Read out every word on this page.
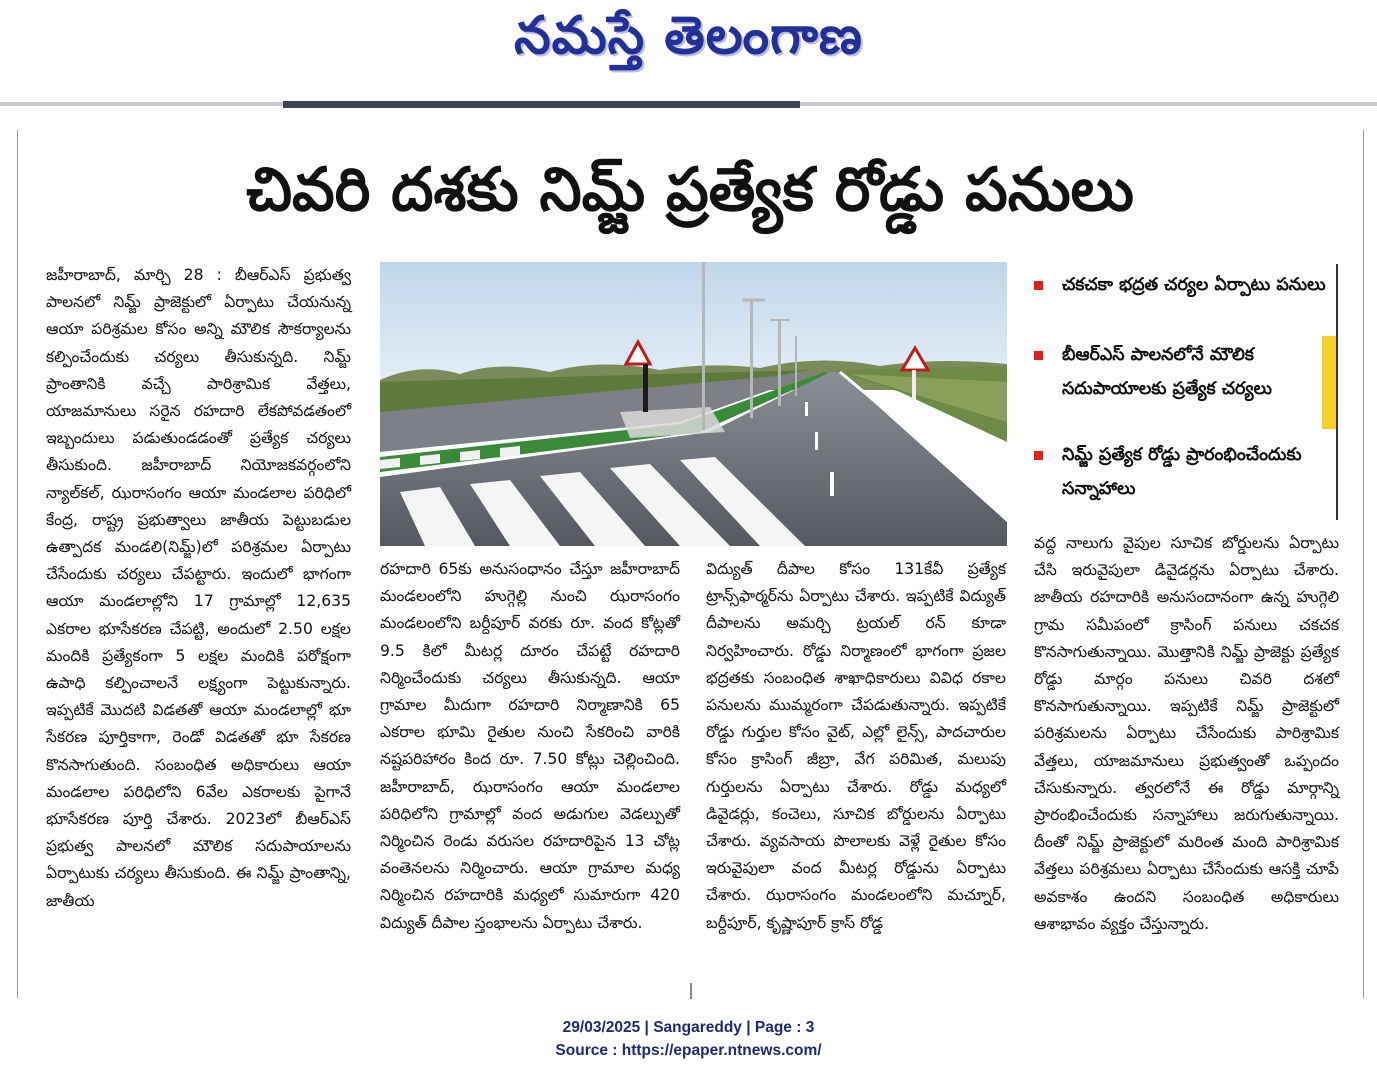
నమస్తే తెలంగాణ
చివరి దశకు నిమ్జ్ ప్రత్యేక రోడ్డు పనులు

జహీరాబాద్, మార్చి 28 : బీఆర్ఎస్ ప్రభుత్వ పాలనలో నిమ్జ్ ప్రాజెక్టులో ఏర్పాటు చేయనున్న ఆయా పరిశ్రమల కోసం అన్ని మౌలిక సౌకర్యాలను కల్పించేందుకు చర్యలు తీసుకున్నది. నిమ్జ్ ప్రాంతానికి వచ్చే పారిశ్రామిక వేత్తలు, యాజమానులు సరైన రహదారి లేకపోవడతంలో ఇబ్బందులు పడుతుండడంతో ప్రత్యేక చర్యలు తీసుకుంది. జహీరాబాద్ నియోజకవర్గంలోని న్యాల్‌కల్, ఝరాసంగం ఆయా మండలాల పరిధిలో కేంద్ర, రాష్ట్ర ప్రభుత్వాలు జాతీయ పెట్టుబడుల ఉత్పాదక మండలి(నిమ్జ్)లో పరిశ్రమల ఏర్పాటు చేసేందుకు చర్యలు చేపట్టారు. ఇందులో భాగంగా ఆయా మండలాల్లోని 17 గ్రామాల్లో 12,635 ఎకరాల భూసేకరణ చేపట్టి, అందులో 2.50 లక్షల మందికి ప్రత్యేకంగా 5 లక్షల మందికి పరోక్షంగా ఉపాధి కల్పించాలనే లక్ష్యంగా పెట్టుకున్నారు. ఇప్పటికే మొదటి విడతతో ఆయా మండలాల్లో భూ సేకరణ పూర్తికాగా, రెండో విడతతో భూ సేకరణ కొనసాగుతుంది. సంబంధిత అధికారులు ఆయా మండలాల పరిధిలోని 6వేల ఎకరాలకు పైగానే భూసేకరణ పూర్తి చేశారు. 2023లో బీఆర్ఎస్ ప్రభుత్వ పాలనలో మౌలిక సదుపాయాలను ఏర్పాటుకు చర్యలు తీసుకుంది. ఈ నిమ్జ్ ప్రాంతాన్ని, జాతీయ

చకచకా భద్రత చర్యల ఏర్పాటు పనులు
బీఆర్ఎస్ పాలనలోనే మౌలిక సదుపాయాలకు ప్రత్యేక చర్యలు
నిమ్జ్ ప్రత్యేక రోడ్డు ప్రారంభించేందుకు సన్నాహాలు

రహదారి 65కు అనుసంధానం చేస్తూ జహీరాబాద్ మండలంలోని హుగ్గెల్లి నుంచి ఝరాసంగం మండలంలోని బర్దీపూర్ వరకు రూ. వంద కోట్లతో 9.5 కిలో మీటర్ల దూరం చేపట్టే రహదారి నిర్మించేందుకు చర్యలు తీసుకున్నది. ఆయా గ్రామాల మీదుగా రహదారి నిర్మాణానికి 65 ఎకరాల భూమి రైతుల నుంచి సేకరించి వారికి నష్టపరిహారం కింద రూ. 7.50 కోట్లు చెల్లించింది. జహీరాబాద్, ఝరాసంగం ఆయా మండలాల పరిధిలోని గ్రామాల్లో వంద అడుగుల వెడల్పుతో నిర్మించిన రెండు వరుసల రహదారిపైన 13 చోట్ల వంతెనలను నిర్మించారు. ఆయా గ్రామాల మధ్య నిర్మించిన రహదారికి మధ్యలో సుమారుగా 420 విద్యుత్ దీపాల స్తంభాలను ఏర్పాటు చేశారు.

విద్యుత్ దీపాల కోసం 131కేవీ ప్రత్యేక ట్రాన్స్‌ఫార్మర్‌ను ఏర్పాటు చేశారు. ఇప్పటికే విద్యుత్ దీపాలను అమర్చి ట్రయల్ రన్ కూడా నిర్వహించారు. రోడ్డు నిర్మాణంలో భాగంగా ప్రజల భద్రతకు సంబంధిత శాఖాధికారులు వివిధ రకాల పనులను ముమ్మరంగా చేపడుతున్నారు. ఇప్పటికే రోడ్డు గుర్తుల కోసం వైట్, ఎల్లో లైన్స్, పాదచారుల కోసం క్రాసింగ్ జీబ్రా, వేగ పరిమిత, మలుపు గుర్తులను ఏర్పాటు చేశారు. రోడ్డు మధ్యలో డివైడర్లు, కంచెలు, సూచిక బోర్డులను ఏర్పాటు చేశారు. వ్యవసాయ పొలాలకు వెళ్లే రైతుల కోసం ఇరువైపులా వంద మీటర్ల రోడ్డును ఏర్పాటు చేశారు. ఝరాసంగం మండలంలోని మచ్నూర్, బర్దీపూర్, కృష్ణాపూర్ క్రాస్ రోడ్డ

వద్ద నాలుగు వైపుల సూచిక బోర్డులను ఏర్పాటు చేసి ఇరువైపులా డివైడర్లను ఏర్పాటు చేశారు. జాతీయ రహదారికి అనుసందానంగా ఉన్న హుగ్గెలి గ్రామ సమీపంలో క్రాసింగ్ పనులు చకచక కొనసాగుతున్నాయి. మొత్తానికి నిమ్జ్ ప్రాజెక్టు ప్రత్యేక రోడ్డు మార్గం పనులు చివరి దశలో కొనసాగుతున్నాయి. ఇప్పటికే నిమ్జ్ ప్రాజెక్టులో పరిశ్రమలను ఏర్పాటు చేసేందుకు పారిశ్రామిక వేత్తలు, యాజమానులు ప్రభుత్వంతో ఒప్పందం చేసుకున్నారు. త్వరలోనే ఈ రోడ్డు మార్గాన్ని ప్రారంభించేందుకు సన్నాహాలు జరుగుతున్నాయి. దీంతో నిమ్జ్ ప్రాజెక్టులో మరింత మంది పారిశ్రామిక వేత్తలు పరిశ్రమలు ఏర్పాటు చేసేందుకు ఆసక్తి చూపే అవకాశం ఉందని సంబంధిత అధికారులు ఆశాభావం వ్యక్తం చేస్తున్నారు.

29/03/2025 | Sangareddy | Page : 3
Source : https://epaper.ntnews.com/
